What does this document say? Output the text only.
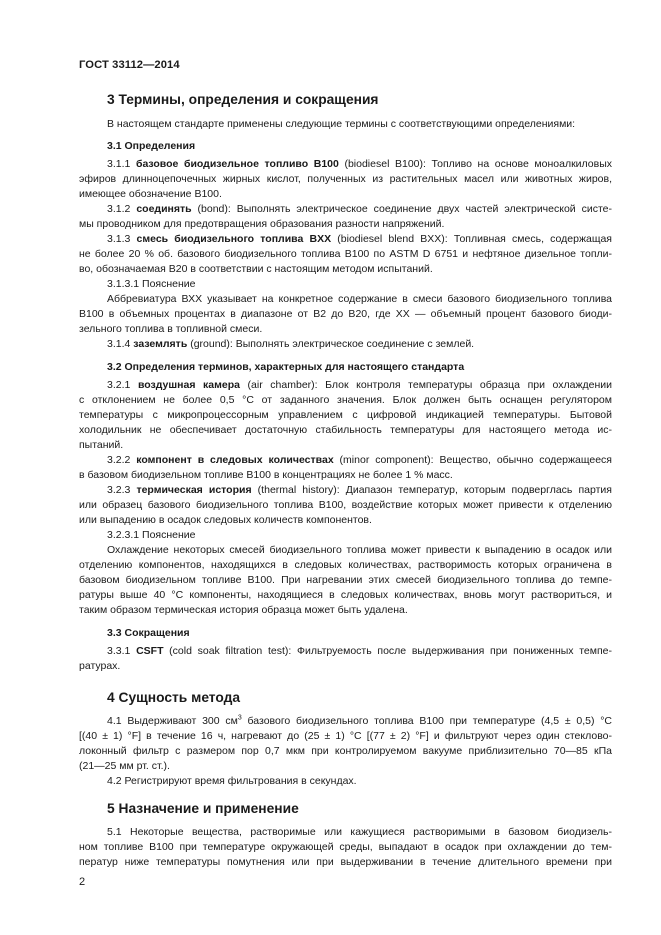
ГОСТ 33112—2014
3 Термины, определения и сокращения
В настоящем стандарте применены следующие термины с соответствующими определениями:
3.1 Определения
3.1.1 базовое биодизельное топливо В100 (biodiesel B100): Топливо на основе моноалкиловых
эфиров длинноцепочечных жирных кислот, полученных из растительных масел или животных жиров,
имеющее обозначение В100.
3.1.2 соединять (bond): Выполнять электрическое соединение двух частей электрической систе-
мы проводником для предотвращения образования разности напряжений.
3.1.3 смесь биодизельного топлива ВXX (biodiesel blend BXX): Топливная смесь, содержащая
не более 20 % об. базового биодизельного топлива В100 по ASTM D 6751 и нефтяное дизельное топли-
во, обозначаемая В20 в соответствии с настоящим методом испытаний.
3.1.3.1 Пояснение
Аббревиатура ВХХ указывает на конкретное содержание в смеси базового биодизельного топлива
В100 в объемных процентах в диапазоне от В2 до В20, где ХХ — объемный процент базового биоди-
зельного топлива в топливной смеси.
3.1.4 заземлять (ground): Выполнять электрическое соединение с землей.
3.2 Определения терминов, характерных для настоящего стандарта
3.2.1 воздушная камера (air chamber): Блок контроля температуры образца при охлаждении
с отклонением не более 0,5 °С от заданного значения. Блок должен быть оснащен регулятором
температуры с микропроцессорным управлением с цифровой индикацией температуры. Бытовой
холодильник не обеспечивает достаточную стабильность температуры для настоящего метода ис-
пытаний.
3.2.2 компонент в следовых количествах (minor component): Вещество, обычно содержащееся
в базовом биодизельном топливе В100 в концентрациях не более 1 % масс.
3.2.3 термическая история (thermal history): Диапазон температур, которым подверглась партия
или образец базового биодизельного топлива В100, воздействие которых может привести к отделению
или выпадению в осадок следовых количеств компонентов.
3.2.3.1 Пояснение
Охлаждение некоторых смесей биодизельного топлива может привести к выпадению в осадок или
отделению компонентов, находящихся в следовых количествах, растворимость которых ограничена в
базовом биодизельном топливе В100. При нагревании этих смесей биодизельного топлива до темпе-
ратуры выше 40 °С компоненты, находящиеся в следовых количествах, вновь могут раствориться, и
таким образом термическая история образца может быть удалена.
3.3 Сокращения
3.3.1 CSFT (cold soak filtration test): Фильтруемость после выдерживания при пониженных темпе-
ратурах.
4 Сущность метода
4.1 Выдерживают 300 $см^3$ базового биодизельного топлива В100 при температуре (4,5 ± 0,5) °С
[(40 ± 1) °F] в течение 16 ч, нагревают до (25 ± 1) °С [(77 ± 2) °F] и фильтруют через один стеклово-
локонный фильтр с размером пор 0,7 мкм при контролируемом вакууме приблизительно 70—85 кПа
(21—25 мм рт. ст.).
4.2 Регистрируют время фильтрования в секундах.
5 Назначение и применение
5.1 Некоторые вещества, растворимые или кажущиеся растворимыми в базовом биодизель-
ном топливе В100 при температуре окружающей среды, выпадают в осадок при охлаждении до тем-
ператур ниже температуры помутнения или при выдерживании в течение длительного времени при
2
